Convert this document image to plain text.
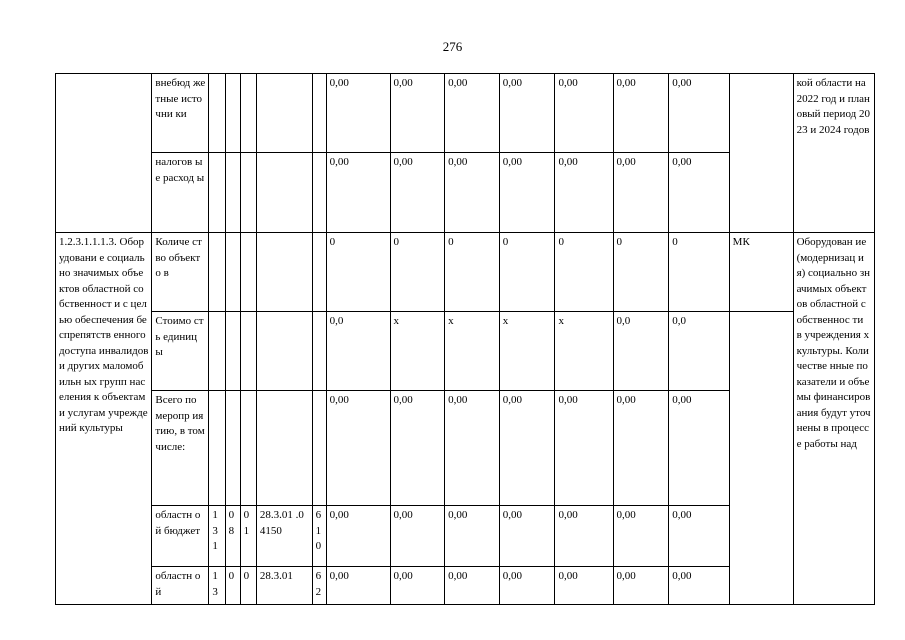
276
	внебюд жетные источни ки						0,00	0,00	0,00	0,00	0,00	0,00	0,00		кой области на 2022 год и плановый период 2023 и 2024 годов
	налогов ые расход ы						0,00	0,00	0,00	0,00	0,00	0,00	0,00		
1.2.3.1.1.1.3. Оборудовани е социально значимых объектов областной собственност и с целью обеспечения беспрепятств енного доступа инвалидов и других маломобильн ых групп населения к объектам и услугам учреждений культуры	Количе ство объекто в						0	0	0	0	0	0	0	МК	Оборудован ие (модернизац ия) социально значимых объектов областной собственнос ти в учреждения х культуры. Количестве нные показатели и объемы финансиров ания будут уточнены в процессе работы над
	Стоимо сть единиц ы						0,0	x	x	x	x	0,0	0,0		
	Всего по меропр иятию, в том числе:						0,00	0,00	0,00	0,00	0,00	0,00	0,00		
	областн ой бюджет	13 1	0 8	0 1	28.3.01 .04150	6 1 0	0,00	0,00	0,00	0,00	0,00	0,00	0,00		
	областн ой	13	0	0	28.3.01	6 2	0,00	0,00	0,00	0,00	0,00	0,00	0,00		
